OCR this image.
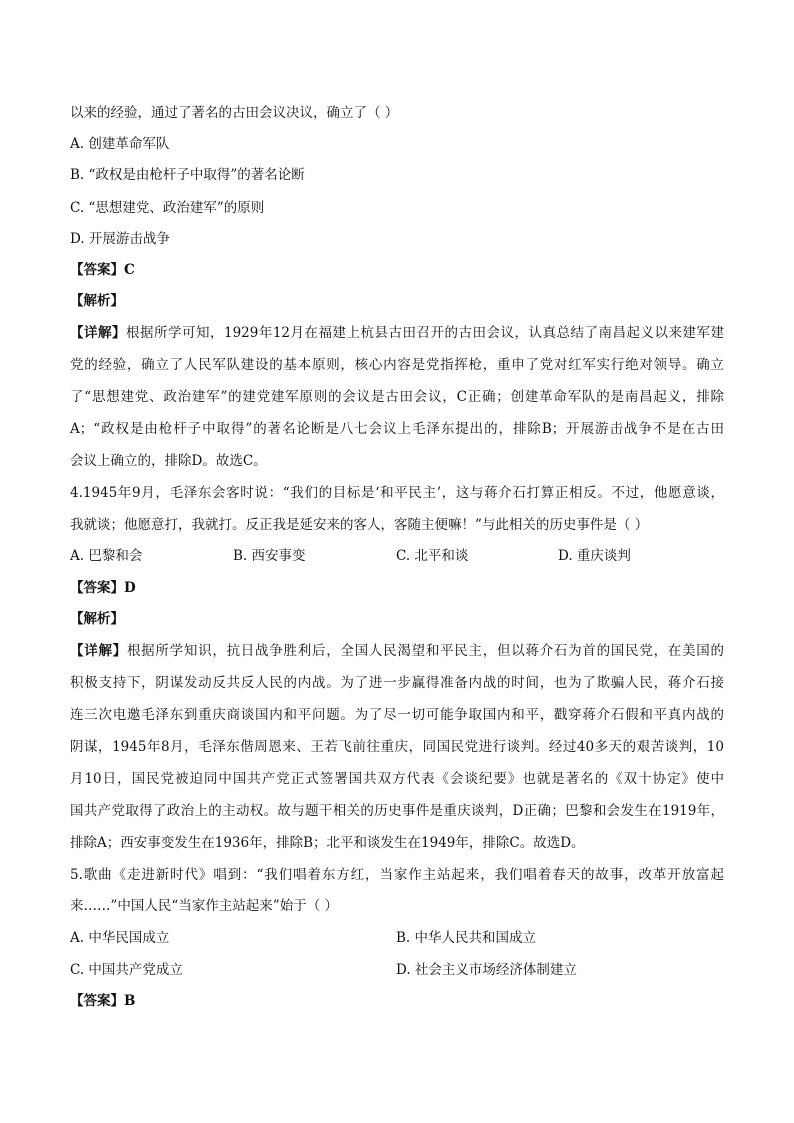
以来的经验，通过了著名的古田会议决议，确立了（ ）
A. 创建革命军队
B. “政权是由枪杆子中取得”的著名论断
C. “思想建党、政治建军”的原则
D. 开展游击战争
【答案】C
【解析】
【详解】根据所学可知，1929年12月在福建上杭县古田召开的古田会议，认真总结了南昌起义以来建军建
党的经验，确立了人民军队建设的基本原则，核心内容是党指挥枪，重申了党对红军实行绝对领导。确立
了“思想建党、政治建军”的建党建军原则的会议是古田会议，C正确；创建革命军队的是南昌起义，排除
A；“政权是由枪杆子中取得”的著名论断是八七会议上毛泽东提出的，排除B；开展游击战争不是在古田
会议上确立的，排除D。故选C。
4.1945年9月，毛泽东会客时说：“我们的目标是‘和平民主’，这与蒋介石打算正相反。不过，他愿意谈，
我就谈；他愿意打，我就打。反正我是延安来的客人，客随主便嘛！”与此相关的历史事件是（ ）
A. 巴黎和会	B. 西安事变	C. 北平和谈	D. 重庆谈判
【答案】D
【解析】
【详解】根据所学知识，抗日战争胜利后，全国人民渴望和平民主，但以蒋介石为首的国民党，在美国的
积极支持下，阴谋发动反共反人民的内战。为了进一步赢得准备内战的时间，也为了欺骗人民，蒋介石接
连三次电邀毛泽东到重庆商谈国内和平问题。为了尽一切可能争取国内和平，戳穿蒋介石假和平真内战的
阴谋，1945年8月，毛泽东偕周恩来、王若飞前往重庆，同国民党进行谈判。经过40多天的艰苦谈判，10
月10日，国民党被迫同中国共产党正式签署国共双方代表《会谈纪要》也就是著名的《双十协定》使中
国共产党取得了政治上的主动权。故与题干相关的历史事件是重庆谈判，D正确；巴黎和会发生在1919年，
排除A；西安事变发生在1936年，排除B；北平和谈发生在1949年，排除C。故选D。
5.歌曲《走进新时代》唱到：“我们唱着东方红，当家作主站起来，我们唱着春天的故事，改革开放富起
来……”中国人民“当家作主站起来”始于（ ）
A. 中华民国成立	B. 中华人民共和国成立
C. 中国共产党成立	D. 社会主义市场经济体制建立
【答案】B
